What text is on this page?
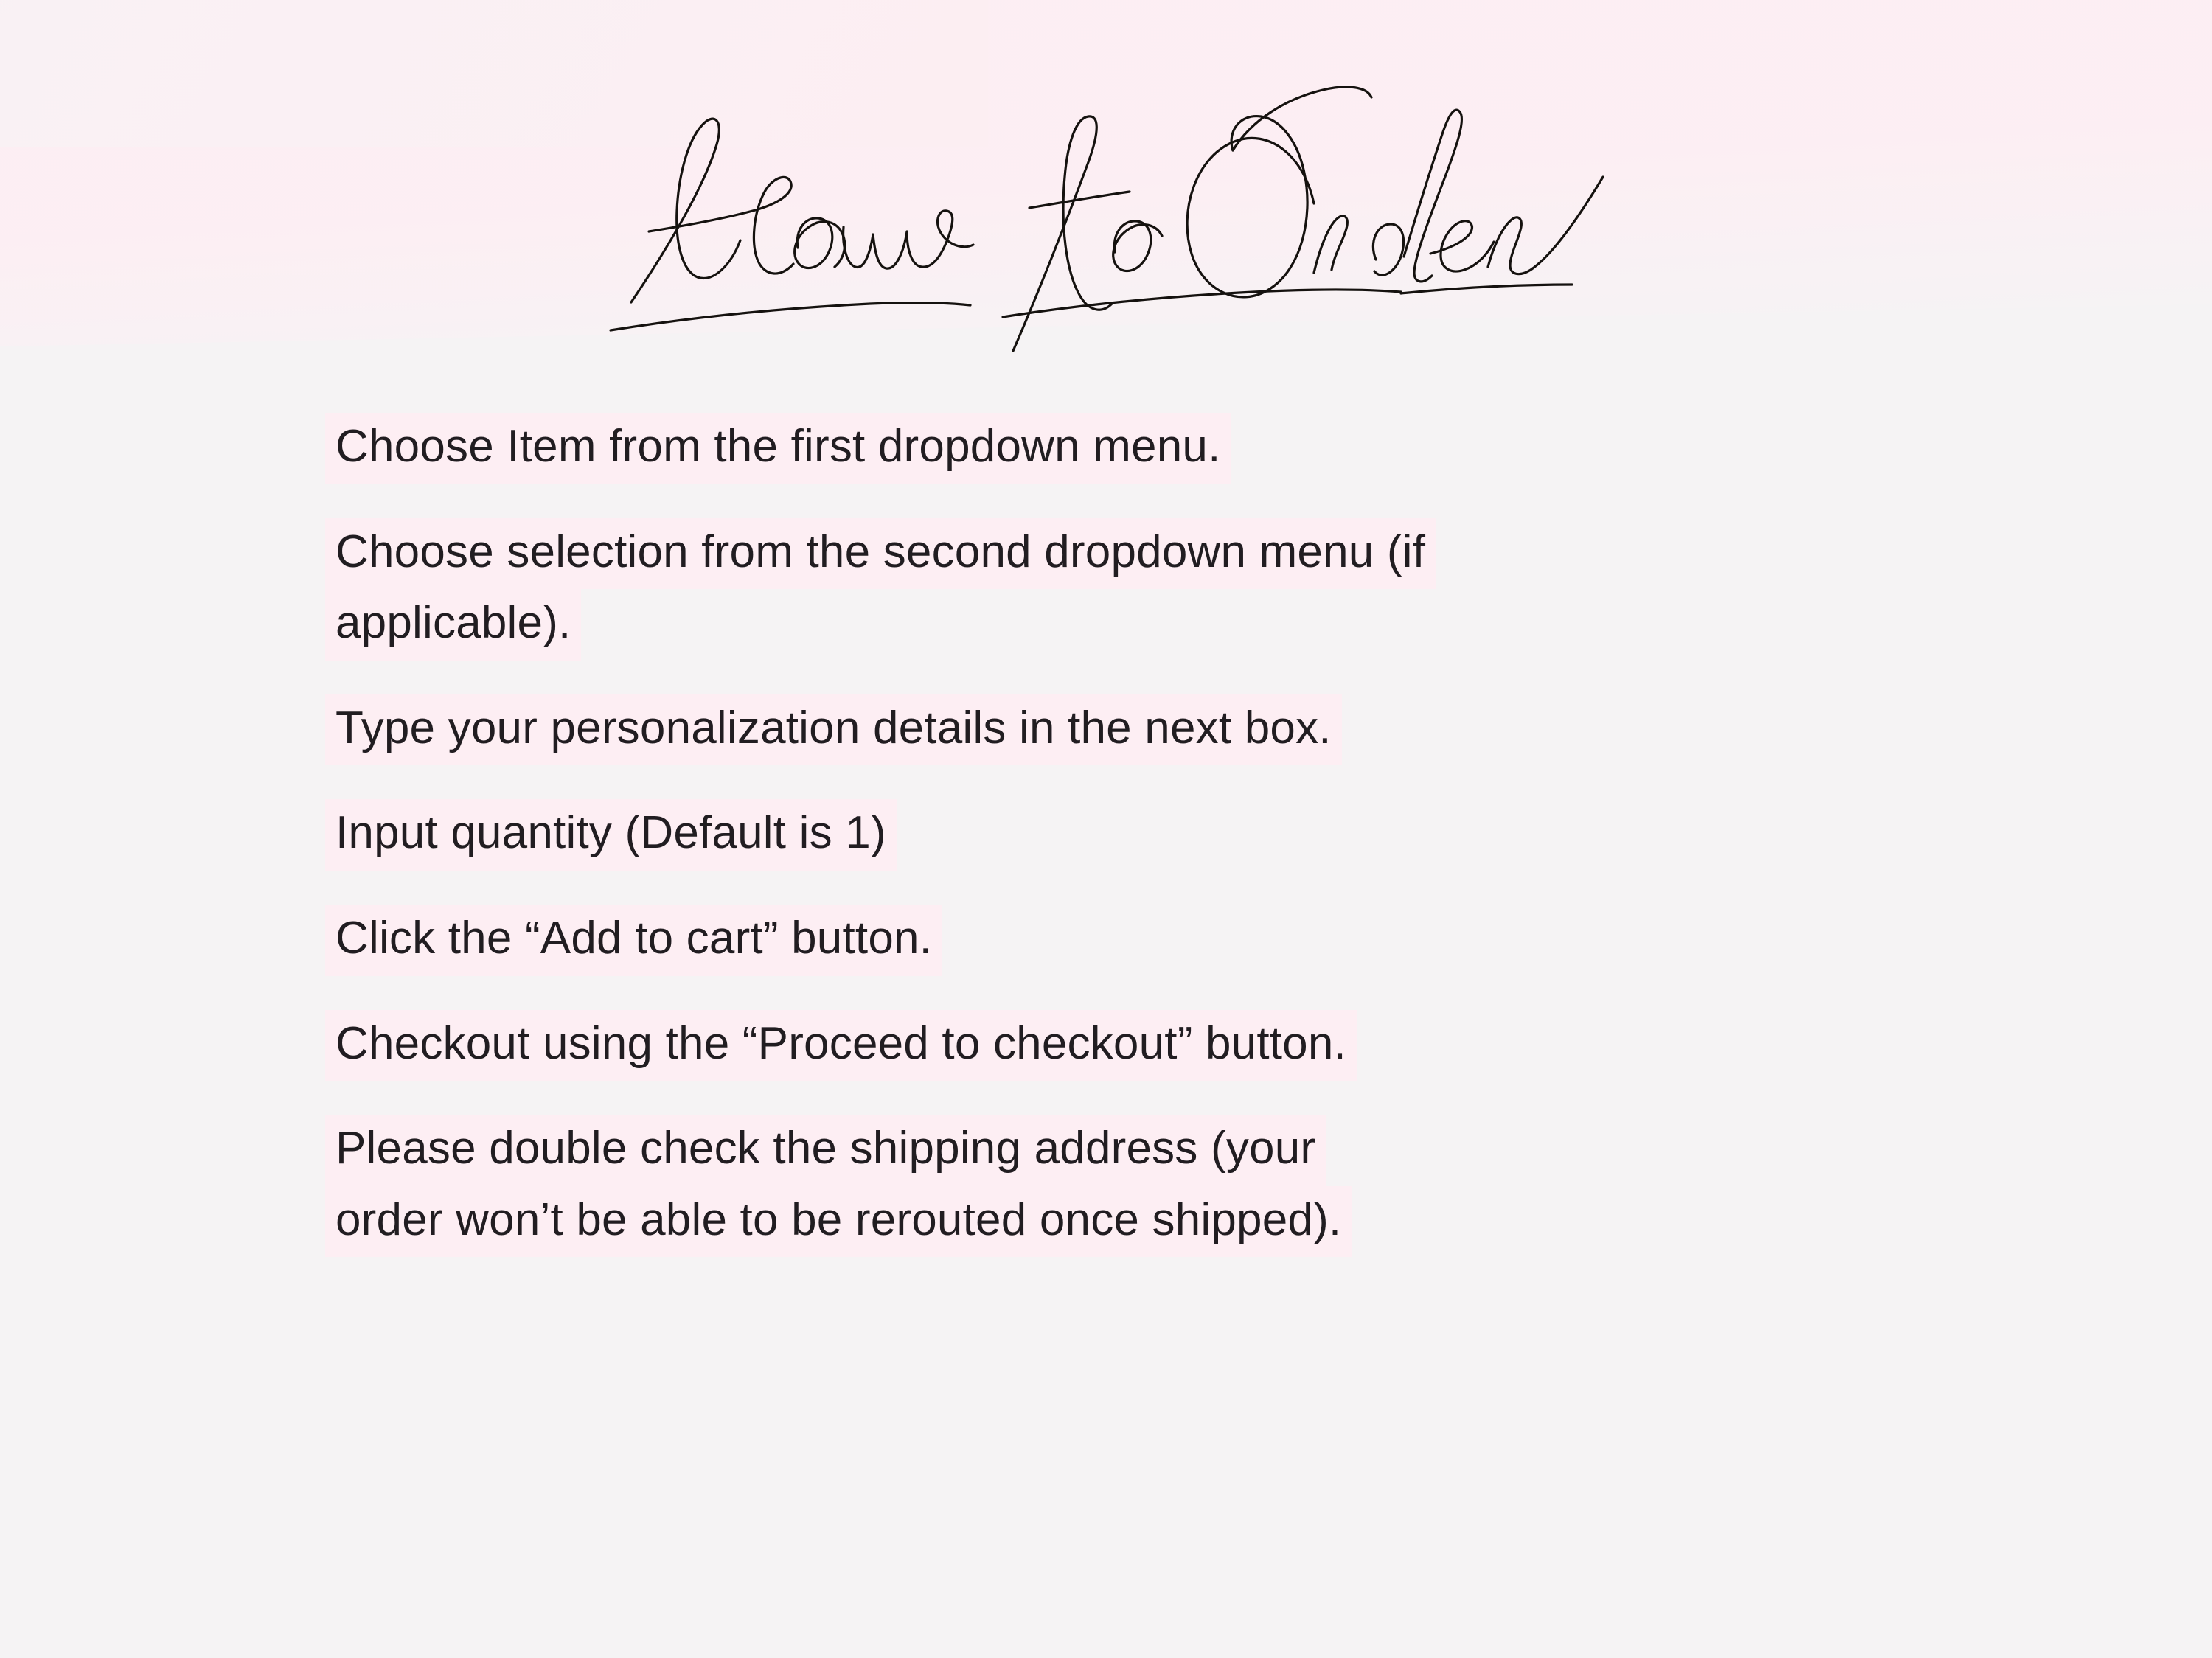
Choose Item from the first dropdown menu.
Choose selection from the second dropdown menu (if
applicable).
Type your personalization details in the next box.
Input quantity (Default is 1)
Click the “Add to cart” button.
Checkout using the “Proceed to checkout” button.
Please double check the shipping address (your
order won’t be able to be rerouted once shipped).
